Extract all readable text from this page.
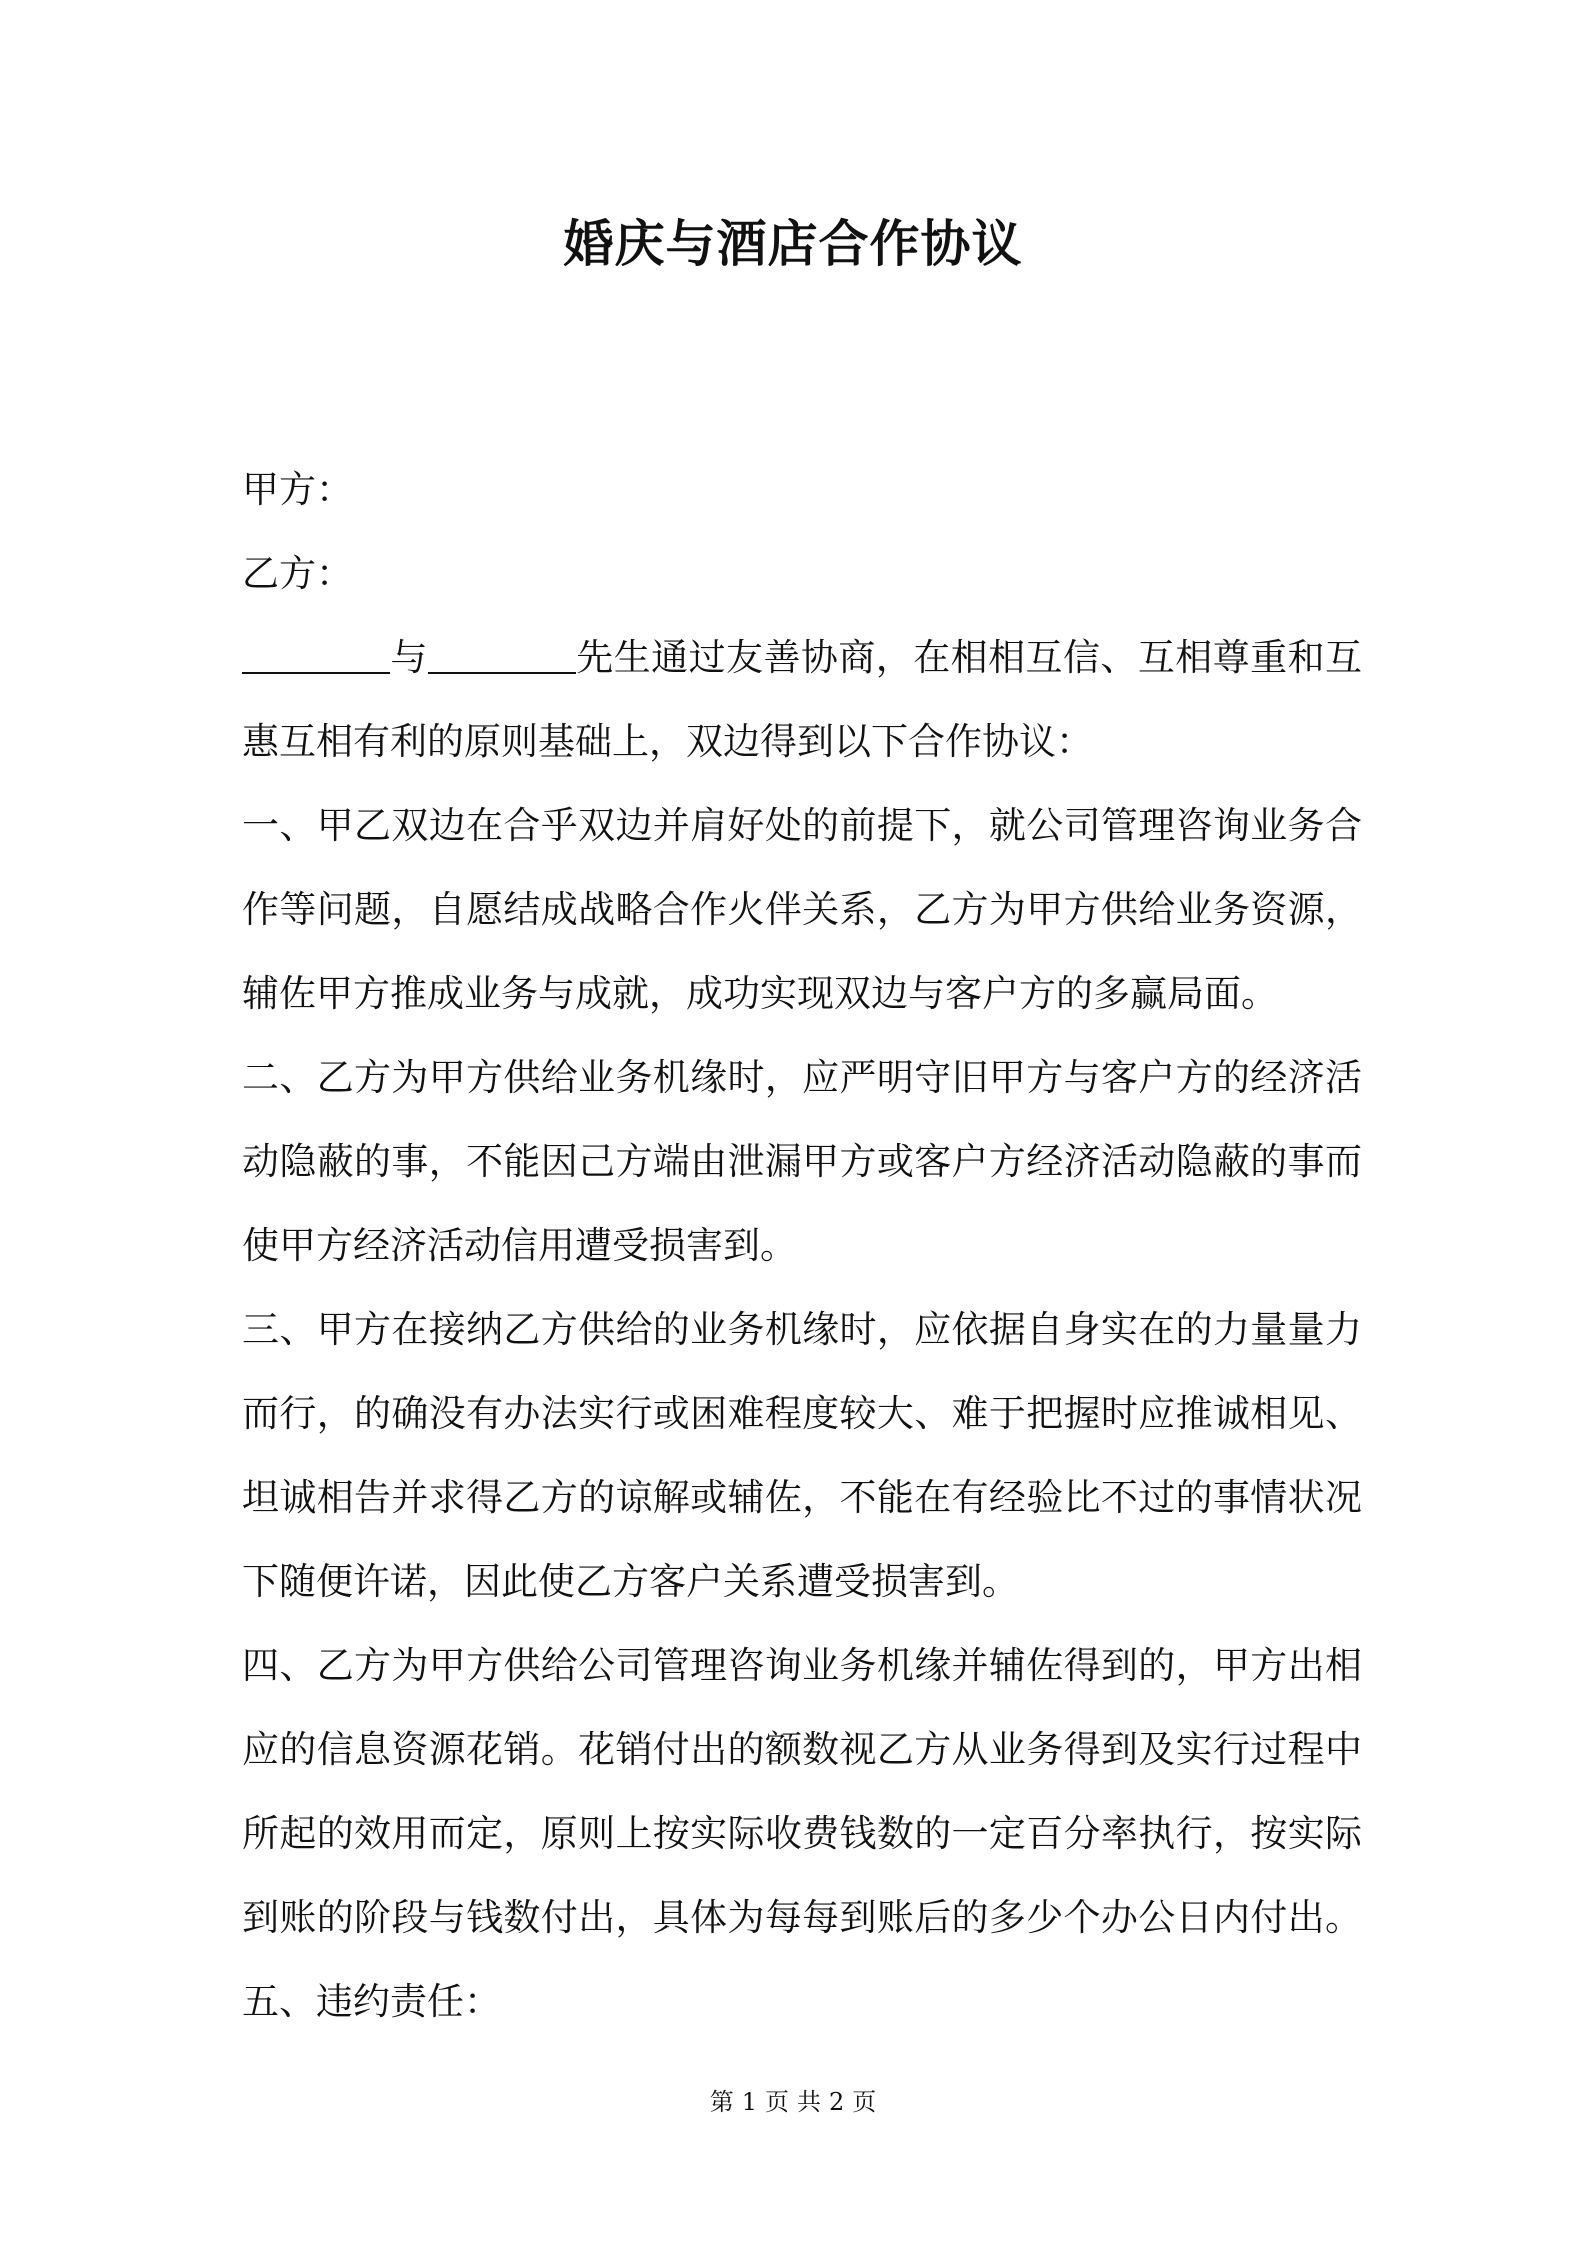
婚庆与酒店合作协议
甲方：
乙方：
与	先生通过友善协商，在相相互信、互相尊重和互
惠互相有利的原则基础上，双边得到以下合作协议：
一、甲乙双边在合乎双边并肩好处的前提下，就公司管理咨询业务合
作等问题，自愿结成战略合作火伴关系，乙方为甲方供给业务资源，
辅佐甲方推成业务与成就，成功实现双边与客户方的多赢局面。
二、乙方为甲方供给业务机缘时，应严明守旧甲方与客户方的经济活
动隐蔽的事，不能因己方端由泄漏甲方或客户方经济活动隐蔽的事而
使甲方经济活动信用遭受损害到。
三、甲方在接纳乙方供给的业务机缘时，应依据自身实在的力量量力
而行，的确没有办法实行或困难程度较大、难于把握时应推诚相见、
坦诚相告并求得乙方的谅解或辅佐，不能在有经验比不过的事情状况
下随便许诺，因此使乙方客户关系遭受损害到。
四、乙方为甲方供给公司管理咨询业务机缘并辅佐得到的，甲方出相
应的信息资源花销。花销付出的额数视乙方从业务得到及实行过程中
所起的效用而定，原则上按实际收费钱数的一定百分率执行，按实际
到账的阶段与钱数付出，具体为每每到账后的多少个办公日内付出。
五、违约责任：
第 1 页 共 2 页
